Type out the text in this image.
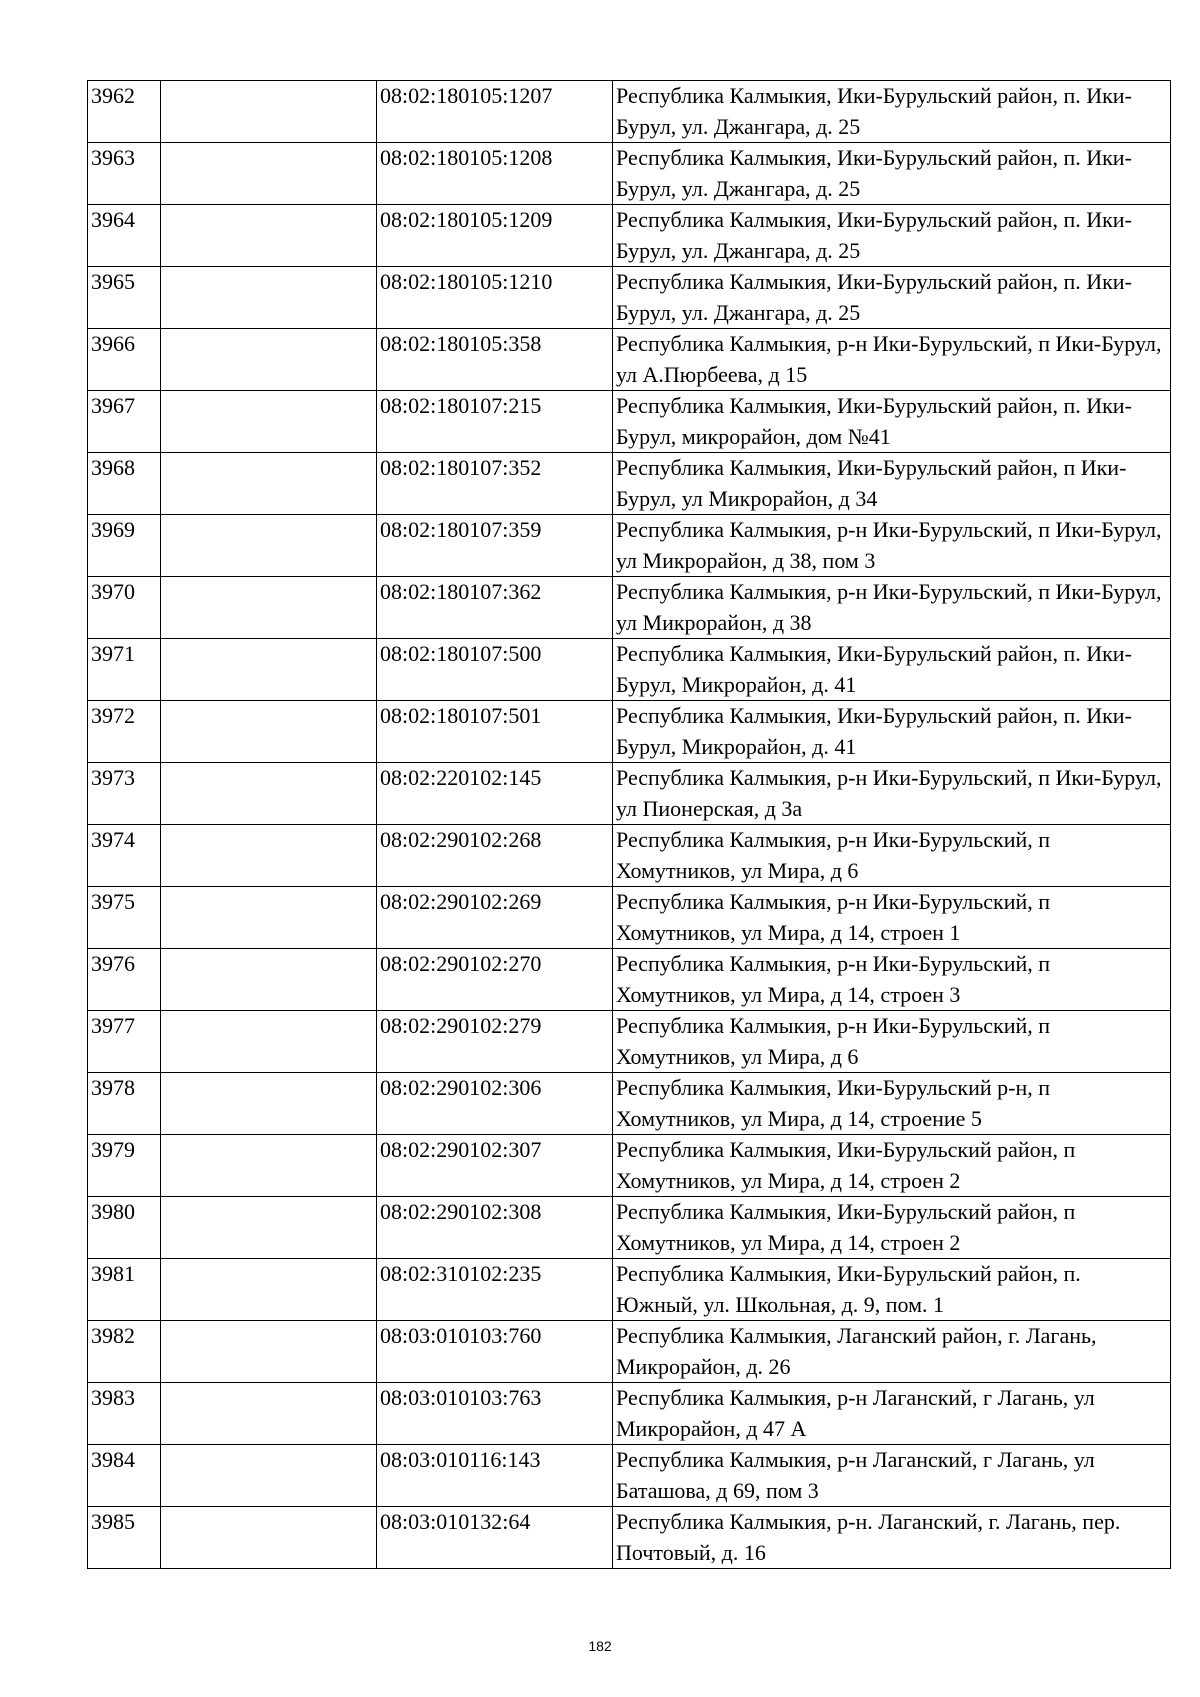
3962		08:02:180105:1207	Республика Калмыкия, Ики-Бурульский район, п. Ики-Бурул, ул. Джангара, д. 25
3963		08:02:180105:1208	Республика Калмыкия, Ики-Бурульский район, п. Ики-Бурул, ул. Джангара, д. 25
3964		08:02:180105:1209	Республика Калмыкия, Ики-Бурульский район, п. Ики-Бурул, ул. Джангара, д. 25
3965		08:02:180105:1210	Республика Калмыкия, Ики-Бурульский район, п. Ики-Бурул, ул. Джангара, д. 25
3966		08:02:180105:358	Республика Калмыкия, р-н Ики-Бурульский, п Ики-Бурул, ул А.Пюрбеева, д 15
3967		08:02:180107:215	Республика Калмыкия, Ики-Бурульский район, п. Ики-Бурул, микрорайон, дом №41
3968		08:02:180107:352	Республика Калмыкия, Ики-Бурульский район, п Ики-Бурул, ул Микрорайон, д 34
3969		08:02:180107:359	Республика Калмыкия, р-н Ики-Бурульский, п Ики-Бурул, ул Микрорайон, д 38, пом 3
3970		08:02:180107:362	Республика Калмыкия, р-н Ики-Бурульский, п Ики-Бурул, ул Микрорайон, д 38
3971		08:02:180107:500	Республика Калмыкия, Ики-Бурульский район, п. Ики-Бурул, Микрорайон, д. 41
3972		08:02:180107:501	Республика Калмыкия, Ики-Бурульский район, п. Ики-Бурул, Микрорайон, д. 41
3973		08:02:220102:145	Республика Калмыкия, р-н Ики-Бурульский, п Ики-Бурул, ул Пионерская, д 3а
3974		08:02:290102:268	Республика Калмыкия, р-н Ики-Бурульский, п Хомутников, ул Мира, д 6
3975		08:02:290102:269	Республика Калмыкия, р-н Ики-Бурульский, п Хомутников, ул Мира, д 14, строен 1
3976		08:02:290102:270	Республика Калмыкия, р-н Ики-Бурульский, п Хомутников, ул Мира, д 14, строен 3
3977		08:02:290102:279	Республика Калмыкия, р-н Ики-Бурульский, п Хомутников, ул Мира, д 6
3978		08:02:290102:306	Республика Калмыкия, Ики-Бурульский р-н, п Хомутников, ул Мира, д 14, строение 5
3979		08:02:290102:307	Республика Калмыкия, Ики-Бурульский район, п Хомутников, ул Мира, д 14, строен 2
3980		08:02:290102:308	Республика Калмыкия, Ики-Бурульский район, п Хомутников, ул Мира, д 14, строен 2
3981		08:02:310102:235	Республика Калмыкия, Ики-Бурульский район, п. Южный, ул. Школьная, д. 9, пом. 1
3982		08:03:010103:760	Республика Калмыкия, Лаганский район, г. Лагань, Микрорайон, д. 26
3983		08:03:010103:763	Республика Калмыкия, р-н Лаганский, г Лагань, ул Микрорайон, д 47 А
3984		08:03:010116:143	Республика Калмыкия, р-н Лаганский, г Лагань, ул Баташова, д 69, пом 3
3985		08:03:010132:64	Республика Калмыкия, р-н. Лаганский, г. Лагань, пер. Почтовый, д. 16
182
